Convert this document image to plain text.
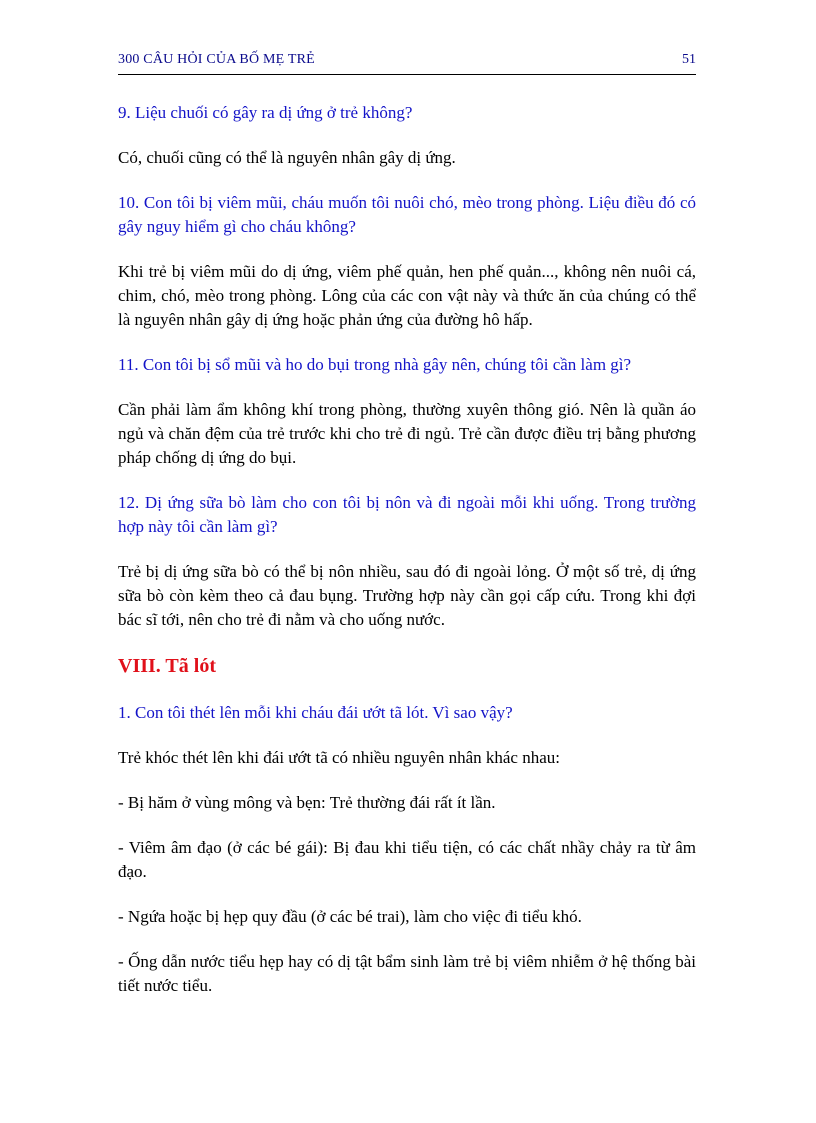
300 CÂU HỎI CỦA BỐ MẸ TRẺ	51

9. Liệu chuối có gây ra dị ứng ở trẻ không?

Có, chuối cũng có thể là nguyên nhân gây dị ứng.

10. Con tôi bị viêm mũi, cháu muốn tôi nuôi chó, mèo trong phòng. Liệu điều đó có gây nguy hiểm gì cho cháu không?

Khi trẻ bị viêm mũi do dị ứng, viêm phế quản, hen phế quản..., không nên nuôi cá, chim, chó, mèo trong phòng. Lông của các con vật này và thức ăn của chúng có thể là nguyên nhân gây dị ứng hoặc phản ứng của đường hô hấp.

11. Con tôi bị sổ mũi và ho do bụi trong nhà gây nên, chúng tôi cần làm gì?

Cần phải làm ẩm không khí trong phòng, thường xuyên thông gió. Nên là quần áo ngủ và chăn đệm của trẻ trước khi cho trẻ đi ngủ. Trẻ cần được điều trị bằng phương pháp chống dị ứng do bụi.

12. Dị ứng sữa bò làm cho con tôi bị nôn và đi ngoài mỗi khi uống. Trong trường hợp này tôi cần làm gì?

Trẻ bị dị ứng sữa bò có thể bị nôn nhiều, sau đó đi ngoài lỏng. Ở một số trẻ, dị ứng sữa bò còn kèm theo cả đau bụng. Trường hợp này cần gọi cấp cứu. Trong khi đợi bác sĩ tới, nên cho trẻ đi nằm và cho uống nước.

VIII. Tã lót

1. Con tôi thét lên mỗi khi cháu đái ướt tã lót. Vì sao vậy?

Trẻ khóc thét lên khi đái ướt tã có nhiều nguyên nhân khác nhau:

- Bị hăm ở vùng mông và bẹn: Trẻ thường đái rất ít lần.

- Viêm âm đạo (ở các bé gái): Bị đau khi tiểu tiện, có các chất nhầy chảy ra từ âm đạo.

- Ngứa hoặc bị hẹp quy đầu (ở các bé trai), làm cho việc đi tiểu khó.

- Ống dẫn nước tiểu hẹp hay có dị tật bẩm sinh làm trẻ bị viêm nhiễm ở hệ thống bài tiết nước tiểu.
